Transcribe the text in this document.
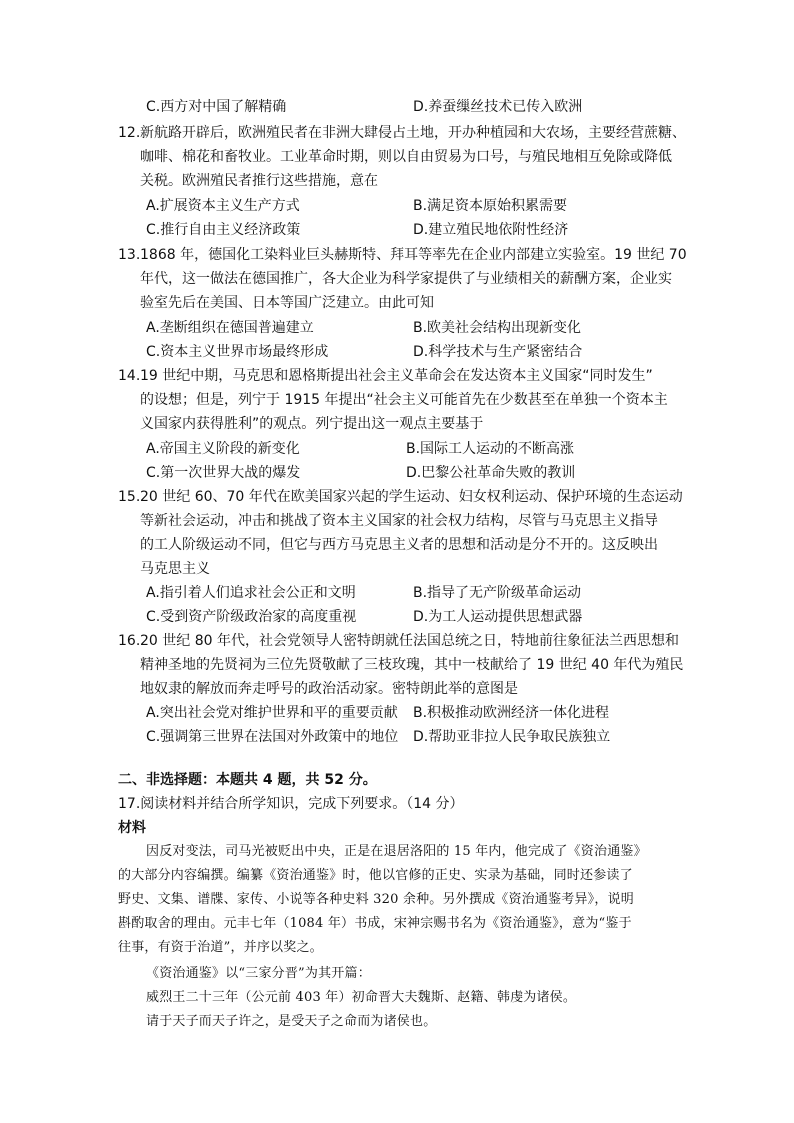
C.西方对中国了解精确	D.养蚕缫丝技术已传入欧洲
12. 新航路开辟后，欧洲殖民者在非洲大肆侵占土地，开办种植园和大农场，主要经营蔗糖、
咖啡、棉花和畜牧业。工业革命时期，则以自由贸易为口号，与殖民地相互免除或降低
关税。欧洲殖民者推行这些措施，意在
A.扩展资本主义生产方式	B.满足资本原始积累需要
C.推行自由主义经济政策	D.建立殖民地依附性经济
13. 1868 年，德国化工染料业巨头赫斯特、拜耳等率先在企业内部建立实验室。19 世纪 70
年代，这一做法在德国推广，各大企业为科学家提供了与业绩相关的薪酬方案，企业实
验室先后在美国、日本等国广泛建立。由此可知
A.垄断组织在德国普遍建立	B.欧美社会结构出现新变化
C.资本主义世界市场最终形成	D.科学技术与生产紧密结合
14. 19 世纪中期，马克思和恩格斯提出社会主义革命会在发达资本主义国家“同时发生”
的设想；但是，列宁于 1915 年提出“社会主义可能首先在少数甚至在单独一个资本主
义国家内获得胜利”的观点。列宁提出这一观点主要基于
A.帝国主义阶段的新变化	B.国际工人运动的不断高涨
C.第一次世界大战的爆发	D.巴黎公社革命失败的教训
15. 20 世纪 60、70 年代在欧美国家兴起的学生运动、妇女权利运动、保护环境的生态运动
等新社会运动，冲击和挑战了资本主义国家的社会权力结构，尽管与马克思主义指导
的工人阶级运动不同，但它与西方马克思主义者的思想和活动是分不开的。这反映出
马克思主义
A.指引着人们追求社会公正和文明	B.指导了无产阶级革命运动
C.受到资产阶级政治家的高度重视	D.为工人运动提供思想武器
16. 20 世纪 80 年代，社会党领导人密特朗就任法国总统之日，特地前往象征法兰西思想和
精神圣地的先贤祠为三位先贤敬献了三枝玫瑰，其中一枝献给了 19 世纪 40 年代为殖民
地奴隶的解放而奔走呼号的政治活动家。密特朗此举的意图是
A.突出社会党对维护世界和平的重要贡献 B.积极推动欧洲经济一体化进程
C.强调第三世界在法国对外政策中的地位 D.帮助亚非拉人民争取民族独立
二、非选择题：本题共 4 题，共 52 分。
17.阅读材料并结合所学知识，完成下列要求。（14 分）
材料
因反对变法，司马光被贬出中央，正是在退居洛阳的 15 年内，他完成了《资治通鉴》
的大部分内容编撰。编纂《资治通鉴》时，他以官修的正史、实录为基础，同时还参读了
野史、文集、谱牒、家传、小说等各种史料 320 余种。另外撰成《资治通鉴考异》，说明
斟酌取舍的理由。元丰七年（1084 年）书成，宋神宗赐书名为《资治通鉴》，意为“鉴于
往事，有资于治道”，并序以奖之。
《资治通鉴》以“三家分晋”为其开篇：
威烈王二十三年（公元前 403 年）初命晋大夫魏斯、赵籍、韩虔为诸侯。
请于天子而天子许之，是受天子之命而为诸侯也。
